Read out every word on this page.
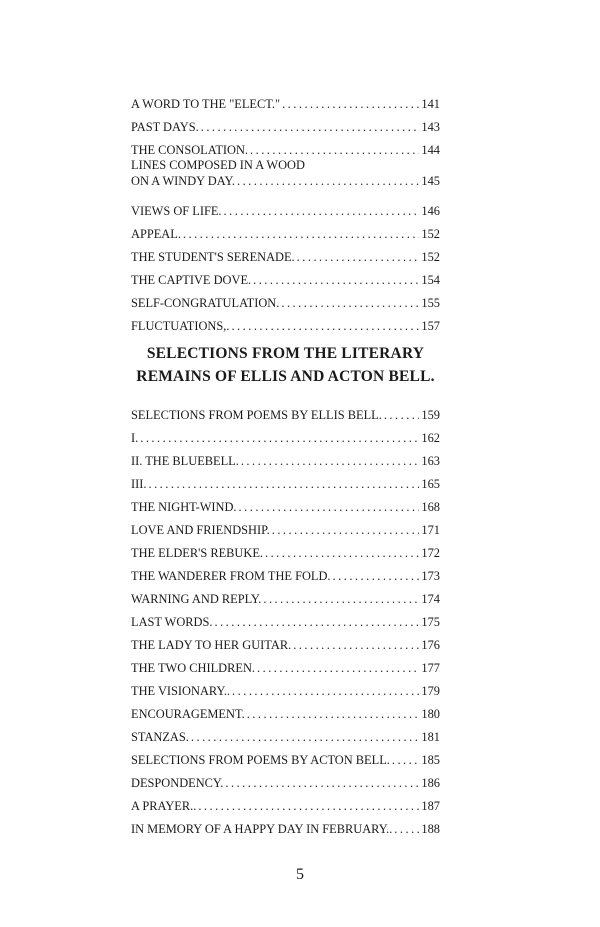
A WORD TO THE "ELECT." . . .	141
PAST DAYS. . . .	143
THE CONSOLATION. . . .	144
LINES COMPOSED IN A WOOD
ON A WINDY DAY. . . .	145
VIEWS OF LIFE. . . .	146
APPEAL. . . .	152
THE STUDENT'S SERENADE. . . .	152
THE CAPTIVE DOVE. . . .	154
SELF-CONGRATULATION. . . .	155
FLUCTUATIONS,. . . .	157
SELECTIONS FROM THE LITERARY
REMAINS OF ELLIS AND ACTON BELL.
SELECTIONS FROM POEMS BY ELLIS BELL. . . .	159
I. . . .	162
II. THE BLUEBELL. . . .	163
III. . . .	165
THE NIGHT-WIND. . . .	168
LOVE AND FRIENDSHIP. . . .	171
THE ELDER'S REBUKE. . . .	172
THE WANDERER FROM THE FOLD. . . .	173
WARNING AND REPLY. . . .	174
LAST WORDS. . . .	175
THE LADY TO HER GUITAR. . . .	176
THE TWO CHILDREN. . . .	177
THE VISIONARY.. . . .	179
ENCOURAGEMENT. . . .	180
STANZAS. . . .	181
SELECTIONS FROM POEMS BY ACTON BELL. . . .	185
DESPONDENCY. . . .	186
A PRAYER.. . . .	187
IN MEMORY OF A HAPPY DAY IN FEBRUARY.. . . . 188
5
